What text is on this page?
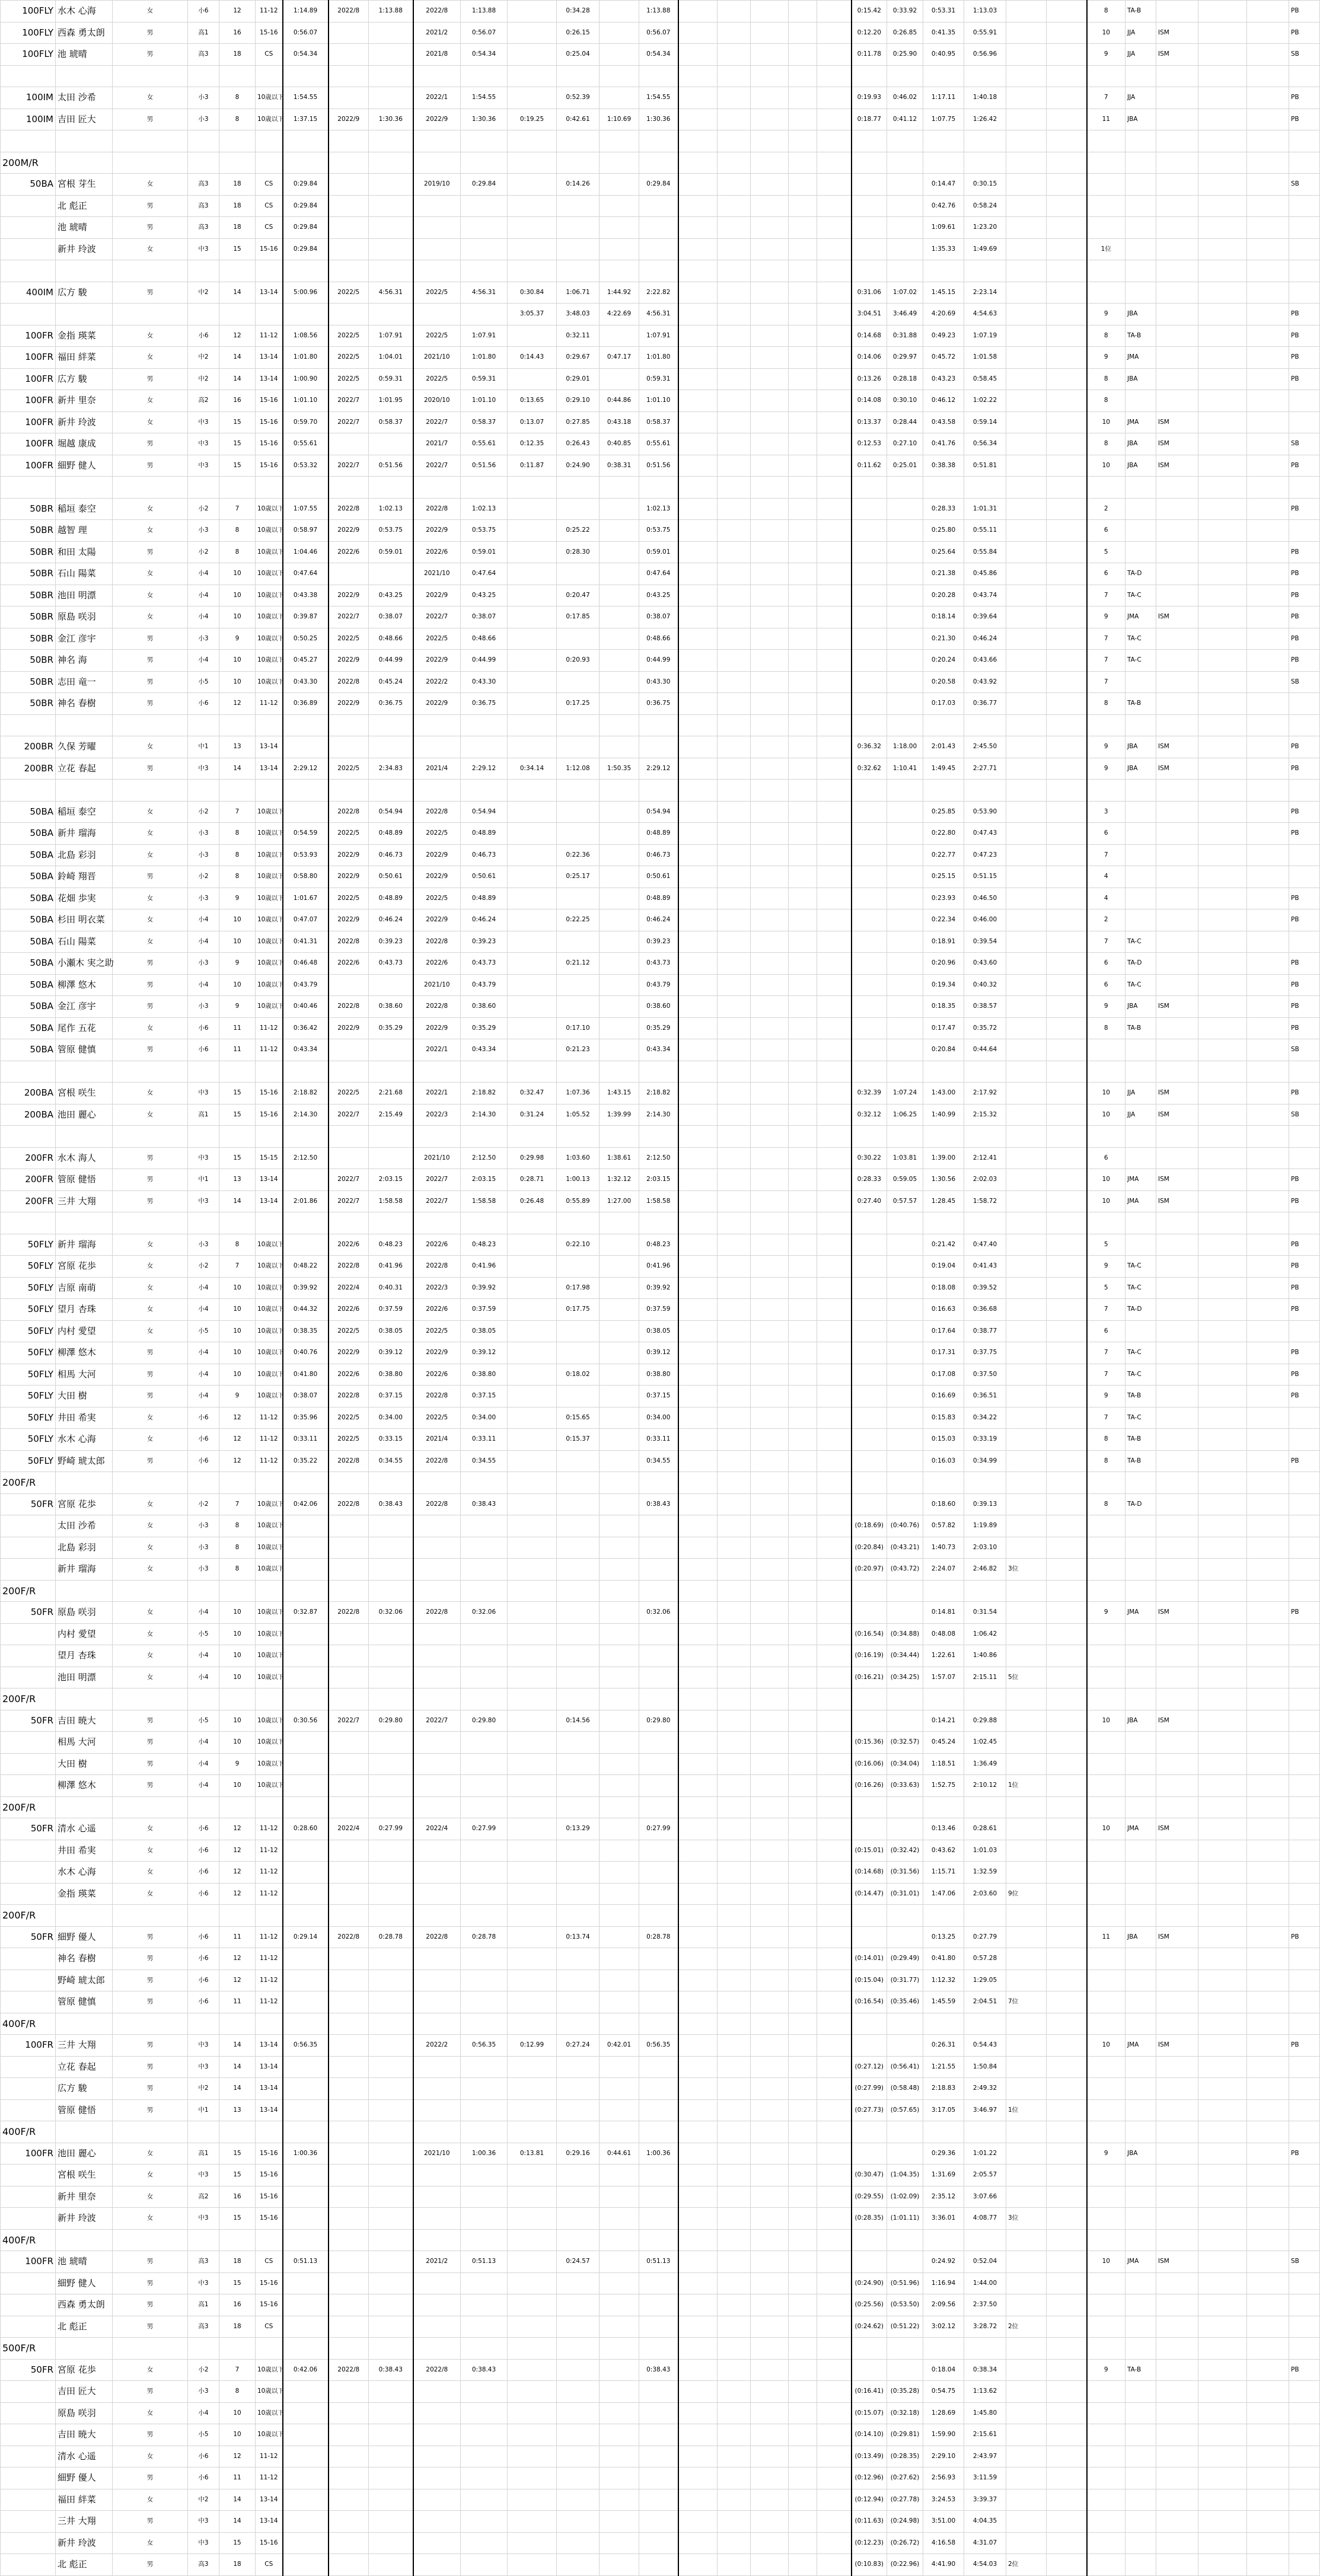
100FLY	水木 心海	女	小6	12	11-12	1:14.89	2022/8	1:13.88	2022/8	1:13.88		0:34.28		1:13.88						0:15.42	0:33.92	0:53.31	1:13.03			8	TA-B				PB
100FLY	西森 勇太朗	男	高1	16	15-16	0:56.07			2021/2	0:56.07		0:26.15		0:56.07						0:12.20	0:26.85	0:41.35	0:55.91			10	JJA	ISM			PB
100FLY	池 琥晴	男	高3	18	CS	0:54.34			2021/8	0:54.34		0:25.04		0:54.34						0:11.78	0:25.90	0:40.95	0:56.96			9	JJA	ISM			SB

100IM	太田 沙希	女	小3	8	10歳以下	1:54.55			2022/1	1:54.55		0:52.39		1:54.55						0:19.93	0:46.02	1:17.11	1:40.18			7	JJA				PB
100IM	吉田 匠大	男	小3	8	10歳以下	1:37.15	2022/9	1:30.36	2022/9	1:30.36	0:19.25	0:42.61	1:10.69	1:30.36						0:18.77	0:41.12	1:07.75	1:26.42			11	JBA				PB

200M/R																															
50BA	宮根 芽生	女	高3	18	CS	0:29.84			2019/10	0:29.84		0:14.26		0:29.84								0:14.47	0:30.15								SB
	北 彪正	男	高3	18	CS	0:29.84																0:42.76	0:58.24								
	池 琥晴	男	高3	18	CS	0:29.84																1:09.61	1:23.20								
	新井 玲波	女	中3	15	15-16	0:29.84																1:35.33	1:49.69			1位					

400IM	広方 駿	男	中2	14	13-14	5:00.96	2022/5	4:56.31	2022/5	4:56.31	0:30.84	1:06.71	1:44.92	2:22.82						0:31.06	1:07.02	1:45.15	2:23.14								
											3:05.37	3:48.03	4:22.69	4:56.31						3:04.51	3:46.49	4:20.69	4:54.63			9	JBA				PB
100FR	金指 瑛菜	女	小6	12	11-12	1:08.56	2022/5	1:07.91	2022/5	1:07.91		0:32.11		1:07.91						0:14.68	0:31.88	0:49.23	1:07.19			8	TA-B				PB
100FR	福田 絆菜	女	中2	14	13-14	1:01.80	2022/5	1:04.01	2021/10	1:01.80	0:14.43	0:29.67	0:47.17	1:01.80						0:14.06	0:29.97	0:45.72	1:01.58			9	JMA				PB
100FR	広方 駿	男	中2	14	13-14	1:00.90	2022/5	0:59.31	2022/5	0:59.31		0:29.01		0:59.31						0:13.26	0:28.18	0:43.23	0:58.45			8	JBA				PB
100FR	新井 里奈	女	高2	16	15-16	1:01.10	2022/7	1:01.95	2020/10	1:01.10	0:13.65	0:29.10	0:44.86	1:01.10						0:14.08	0:30.10	0:46.12	1:02.22			8					
100FR	新井 玲波	女	中3	15	15-16	0:59.70	2022/7	0:58.37	2022/7	0:58.37	0:13.07	0:27.85	0:43.18	0:58.37						0:13.37	0:28.44	0:43.58	0:59.14			10	JMA	ISM			
100FR	堀越 康成	男	中3	15	15-16	0:55.61			2021/7	0:55.61	0:12.35	0:26.43	0:40.85	0:55.61						0:12.53	0:27.10	0:41.76	0:56.34			8	JBA	ISM			SB
100FR	細野 健人	男	中3	15	15-16	0:53.32	2022/7	0:51.56	2022/7	0:51.56	0:11.87	0:24.90	0:38.31	0:51.56						0:11.62	0:25.01	0:38.38	0:51.81			10	JBA	ISM			PB

50BR	稲垣 泰空	女	小2	7	10歳以下	1:07.55	2022/8	1:02.13	2022/8	1:02.13				1:02.13								0:28.33	1:01.31			2					PB
50BR	越智 理	女	小3	8	10歳以下	0:58.97	2022/9	0:53.75	2022/9	0:53.75		0:25.22		0:53.75								0:25.80	0:55.11			6					
50BR	和田 太陽	男	小2	8	10歳以下	1:04.46	2022/6	0:59.01	2022/6	0:59.01		0:28.30		0:59.01								0:25.64	0:55.84			5					PB
50BR	石山 陽菜	女	小4	10	10歳以下	0:47.64			2021/10	0:47.64				0:47.64								0:21.38	0:45.86			6	TA-D				PB
50BR	池田 明漂	女	小4	10	10歳以下	0:43.38	2022/9	0:43.25	2022/9	0:43.25		0:20.47		0:43.25								0:20.28	0:43.74			7	TA-C				PB
50BR	原島 咲羽	女	小4	10	10歳以下	0:39.87	2022/7	0:38.07	2022/7	0:38.07		0:17.85		0:38.07								0:18.14	0:39.64			9	JMA	ISM			PB
50BR	金江 彦宇	男	小3	9	10歳以下	0:50.25	2022/5	0:48.66	2022/5	0:48.66				0:48.66								0:21.30	0:46.24			7	TA-C				PB
50BR	神名 海	男	小4	10	10歳以下	0:45.27	2022/9	0:44.99	2022/9	0:44.99		0:20.93		0:44.99								0:20.24	0:43.66			7	TA-C				PB
50BR	志田 竜一	男	小5	10	10歳以下	0:43.30	2022/8	0:45.24	2022/2	0:43.30				0:43.30								0:20.58	0:43.92			7					SB
50BR	神名 春樹	男	小6	12	11-12	0:36.89	2022/9	0:36.75	2022/9	0:36.75		0:17.25		0:36.75								0:17.03	0:36.77			8	TA-B				

200BR	久保 芳曜	女	中1	13	13-14															0:36.32	1:18.00	2:01.43	2:45.50			9	JBA	ISM			PB
200BR	立花 春起	男	中3	14	13-14	2:29.12	2022/5	2:34.83	2021/4	2:29.12	0:34.14	1:12.08	1:50.35	2:29.12						0:32.62	1:10.41	1:49.45	2:27.71			9	JBA	ISM			PB

50BA	稲垣 泰空	女	小2	7	10歳以下		2022/8	0:54.94	2022/8	0:54.94				0:54.94								0:25.85	0:53.90			3					PB
50BA	新井 瑠海	女	小3	8	10歳以下	0:54.59	2022/5	0:48.89	2022/5	0:48.89				0:48.89								0:22.80	0:47.43			6					PB
50BA	北島 彩羽	女	小3	8	10歳以下	0:53.93	2022/9	0:46.73	2022/9	0:46.73		0:22.36		0:46.73								0:22.77	0:47.23			7					
50BA	鈴崎 翔晋	男	小2	8	10歳以下	0:58.80	2022/9	0:50.61	2022/9	0:50.61		0:25.17		0:50.61								0:25.15	0:51.15			4					
50BA	花畑 歩実	女	小3	9	10歳以下	1:01.67	2022/5	0:48.89	2022/5	0:48.89				0:48.89								0:23.93	0:46.50			4					PB
50BA	杉田 明衣菜	女	小4	10	10歳以下	0:47.07	2022/9	0:46.24	2022/9	0:46.24		0:22.25		0:46.24								0:22.34	0:46.00			2					PB
50BA	石山 陽菜	女	小4	10	10歳以下	0:41.31	2022/8	0:39.23	2022/8	0:39.23				0:39.23								0:18.91	0:39.54			7	TA-C				
50BA	小瀬木 実之助	男	小3	9	10歳以下	0:46.48	2022/6	0:43.73	2022/6	0:43.73		0:21.12		0:43.73								0:20.96	0:43.60			6	TA-D				PB
50BA	柳澤 悠木	男	小4	10	10歳以下	0:43.79			2021/10	0:43.79				0:43.79								0:19.34	0:40.32			6	TA-C				PB
50BA	金江 彦宇	男	小3	9	10歳以下	0:40.46	2022/8	0:38.60	2022/8	0:38.60				0:38.60								0:18.35	0:38.57			9	JBA	ISM			PB
50BA	尾作 五花	女	小6	11	11-12	0:36.42	2022/9	0:35.29	2022/9	0:35.29		0:17.10		0:35.29								0:17.47	0:35.72			8	TA-B				PB
50BA	管原 健慎	男	小6	11	11-12	0:43.34			2022/1	0:43.34		0:21.23		0:43.34								0:20.84	0:44.64								SB

200BA	宮根 咲生	女	中3	15	15-16	2:18.82	2022/5	2:21.68	2022/1	2:18.82	0:32.47	1:07.36	1:43.15	2:18.82						0:32.39	1:07.24	1:43.00	2:17.92			10	JJA	ISM			PB
200BA	池田 麗心	女	高1	15	15-16	2:14.30	2022/7	2:15.49	2022/3	2:14.30	0:31.24	1:05.52	1:39.99	2:14.30						0:32.12	1:06.25	1:40.99	2:15.32			10	JJA	ISM			SB

200FR	水木 海人	男	中3	15	15-15	2:12.50			2021/10	2:12.50	0:29.98	1:03.60	1:38.61	2:12.50						0:30.22	1:03.81	1:39.00	2:12.41			6					
200FR	管原 健悟	男	中1	13	13-14		2022/7	2:03.15	2022/7	2:03.15	0:28.71	1:00.13	1:32.12	2:03.15						0:28.33	0:59.05	1:30.56	2:02.03			10	JMA	ISM			PB
200FR	三井 大翔	男	中3	14	13-14	2:01.86	2022/7	1:58.58	2022/7	1:58.58	0:26.48	0:55.89	1:27.00	1:58.58						0:27.40	0:57.57	1:28.45	1:58.72			10	JMA	ISM			PB

50FLY	新井 瑠海	女	小3	8	10歳以下		2022/6	0:48.23	2022/6	0:48.23		0:22.10		0:48.23								0:21.42	0:47.40			5					PB
50FLY	宮原 花歩	女	小2	7	10歳以下	0:48.22	2022/8	0:41.96	2022/8	0:41.96				0:41.96								0:19.04	0:41.43			9	TA-C				PB
50FLY	吉原 南萌	女	小4	10	10歳以下	0:39.92	2022/4	0:40.31	2022/3	0:39.92		0:17.98		0:39.92								0:18.08	0:39.52			5	TA-C				PB
50FLY	望月 杏珠	女	小4	10	10歳以下	0:44.32	2022/6	0:37.59	2022/6	0:37.59		0:17.75		0:37.59								0:16.63	0:36.68			7	TA-D				PB
50FLY	内村 愛望	女	小5	10	10歳以下	0:38.35	2022/5	0:38.05	2022/5	0:38.05				0:38.05								0:17.64	0:38.77			6					
50FLY	柳澤 悠木	男	小4	10	10歳以下	0:40.76	2022/9	0:39.12	2022/9	0:39.12				0:39.12								0:17.31	0:37.75			7	TA-C				PB
50FLY	相馬 大河	男	小4	10	10歳以下	0:41.80	2022/6	0:38.80	2022/6	0:38.80		0:18.02		0:38.80								0:17.08	0:37.50			7	TA-C				PB
50FLY	大田 樹	男	小4	9	10歳以下	0:38.07	2022/8	0:37.15	2022/8	0:37.15				0:37.15								0:16.69	0:36.51			9	TA-B				PB
50FLY	井田 希実	女	小6	12	11-12	0:35.96	2022/5	0:34.00	2022/5	0:34.00		0:15.65		0:34.00								0:15.83	0:34.22			7	TA-C				
50FLY	水木 心海	女	小6	12	11-12	0:33.11	2022/5	0:33.15	2021/4	0:33.11		0:15.37		0:33.11								0:15.03	0:33.19			8	TA-B				
50FLY	野崎 琥太郎	男	小6	12	11-12	0:35.22	2022/8	0:34.55	2022/8	0:34.55				0:34.55								0:16.03	0:34.99			8	TA-B				PB
200F/R																															
50FR	宮原 花歩	女	小2	7	10歳以下	0:42.06	2022/8	0:38.43	2022/8	0:38.43				0:38.43								0:18.60	0:39.13			8	TA-D				
	太田 沙希	女	小3	8	10歳以下															(0:18.69)	(0:40.76)	0:57.82	1:19.89								
	北島 彩羽	女	小3	8	10歳以下															(0:20.84)	(0:43.21)	1:40.73	2:03.10								
	新井 瑠海	女	小3	8	10歳以下															(0:20.97)	(0:43.72)	2:24.07	2:46.82	3位							
200F/R																															
50FR	原島 咲羽	女	小4	10	10歳以下	0:32.87	2022/8	0:32.06	2022/8	0:32.06				0:32.06								0:14.81	0:31.54			9	JMA	ISM			PB
	内村 愛望	女	小5	10	10歳以下															(0:16.54)	(0:34.88)	0:48.08	1:06.42								
	望月 杏珠	女	小4	10	10歳以下															(0:16.19)	(0:34.44)	1:22.61	1:40.86								
	池田 明漂	女	小4	10	10歳以下															(0:16.21)	(0:34.25)	1:57.07	2:15.11	5位							
200F/R																															
50FR	吉田 暁大	男	小5	10	10歳以下	0:30.56	2022/7	0:29.80	2022/7	0:29.80		0:14.56		0:29.80								0:14.21	0:29.88			10	JBA	ISM			
	相馬 大河	男	小4	10	10歳以下															(0:15.36)	(0:32.57)	0:45.24	1:02.45								
	大田 樹	男	小4	9	10歳以下															(0:16.06)	(0:34.04)	1:18.51	1:36.49								
	柳澤 悠木	男	小4	10	10歳以下															(0:16.26)	(0:33.63)	1:52.75	2:10.12	1位							
200F/R																															
50FR	清水 心遥	女	小6	12	11-12	0:28.60	2022/4	0:27.99	2022/4	0:27.99		0:13.29		0:27.99								0:13.46	0:28.61			10	JMA	ISM			
	井田 希実	女	小6	12	11-12															(0:15.01)	(0:32.42)	0:43.62	1:01.03								
	水木 心海	女	小6	12	11-12															(0:14.68)	(0:31.56)	1:15.71	1:32.59								
	金指 瑛菜	女	小6	12	11-12															(0:14.47)	(0:31.01)	1:47.06	2:03.60	9位							
200F/R																															
50FR	細野 優人	男	小6	11	11-12	0:29.14	2022/8	0:28.78	2022/8	0:28.78		0:13.74		0:28.78								0:13.25	0:27.79			11	JBA	ISM			PB
	神名 春樹	男	小6	12	11-12															(0:14.01)	(0:29.49)	0:41.80	0:57.28								
	野崎 琥太郎	男	小6	12	11-12															(0:15.04)	(0:31.77)	1:12.32	1:29.05								
	管原 健慎	男	小6	11	11-12															(0:16.54)	(0:35.46)	1:45.59	2:04.51	7位							
400F/R																															
100FR	三井 大翔	男	中3	14	13-14	0:56.35			2022/2	0:56.35	0:12.99	0:27.24	0:42.01	0:56.35								0:26.31	0:54.43			10	JMA	ISM			PB
	立花 春起	男	中3	14	13-14															(0:27.12)	(0:56.41)	1:21.55	1:50.84								
	広方 駿	男	中2	14	13-14															(0:27.99)	(0:58.48)	2:18.83	2:49.32								
	管原 健悟	男	中1	13	13-14															(0:27.73)	(0:57.65)	3:17.05	3:46.97	1位							
400F/R																															
100FR	池田 麗心	女	高1	15	15-16	1:00.36			2021/10	1:00.36	0:13.81	0:29.16	0:44.61	1:00.36								0:29.36	1:01.22			9	JBA				PB
	宮根 咲生	女	中3	15	15-16															(0:30.47)	(1:04.35)	1:31.69	2:05.57								
	新井 里奈	女	高2	16	15-16															(0:29.55)	(1:02.09)	2:35.12	3:07.66								
	新井 玲波	女	中3	15	15-16															(0:28.35)	(1:01.11)	3:36.01	4:08.77	3位							
400F/R																															
100FR	池 琥晴	男	高3	18	CS	0:51.13			2021/2	0:51.13		0:24.57		0:51.13								0:24.92	0:52.04			10	JMA	ISM			SB
	細野 健人	男	中3	15	15-16															(0:24.90)	(0:51.96)	1:16.94	1:44.00								
	西森 勇太朗	男	高1	16	15-16															(0:25.56)	(0:53.50)	2:09.56	2:37.50								
	北 彪正	男	高3	18	CS															(0:24.62)	(0:51.22)	3:02.12	3:28.72	2位							
500F/R																															
50FR	宮原 花歩	女	小2	7	10歳以下	0:42.06	2022/8	0:38.43	2022/8	0:38.43				0:38.43								0:18.04	0:38.34			9	TA-B				PB
	吉田 匠大	男	小3	8	10歳以下															(0:16.41)	(0:35.28)	0:54.75	1:13.62								
	原島 咲羽	女	小4	10	10歳以下															(0:15.07)	(0:32.18)	1:28.69	1:45.80								
	吉田 暁大	男	小5	10	10歳以下															(0:14.10)	(0:29.81)	1:59.90	2:15.61								
	清水 心遥	女	小6	12	11-12															(0:13.49)	(0:28.35)	2:29.10	2:43.97								
	細野 優人	男	小6	11	11-12															(0:12.96)	(0:27.62)	2:56.93	3:11.59								
	福田 絆菜	女	中2	14	13-14															(0:12.94)	(0:27.78)	3:24.53	3:39.37								
	三井 大翔	男	中3	14	13-14															(0:11.63)	(0:24.98)	3:51.00	4:04.35								
	新井 玲波	女	中3	15	15-16															(0:12.23)	(0:26.72)	4:16.58	4:31.07								
	北 彪正	男	高3	18	CS															(0:10.83)	(0:22.96)	4:41.90	4:54.03	2位							
